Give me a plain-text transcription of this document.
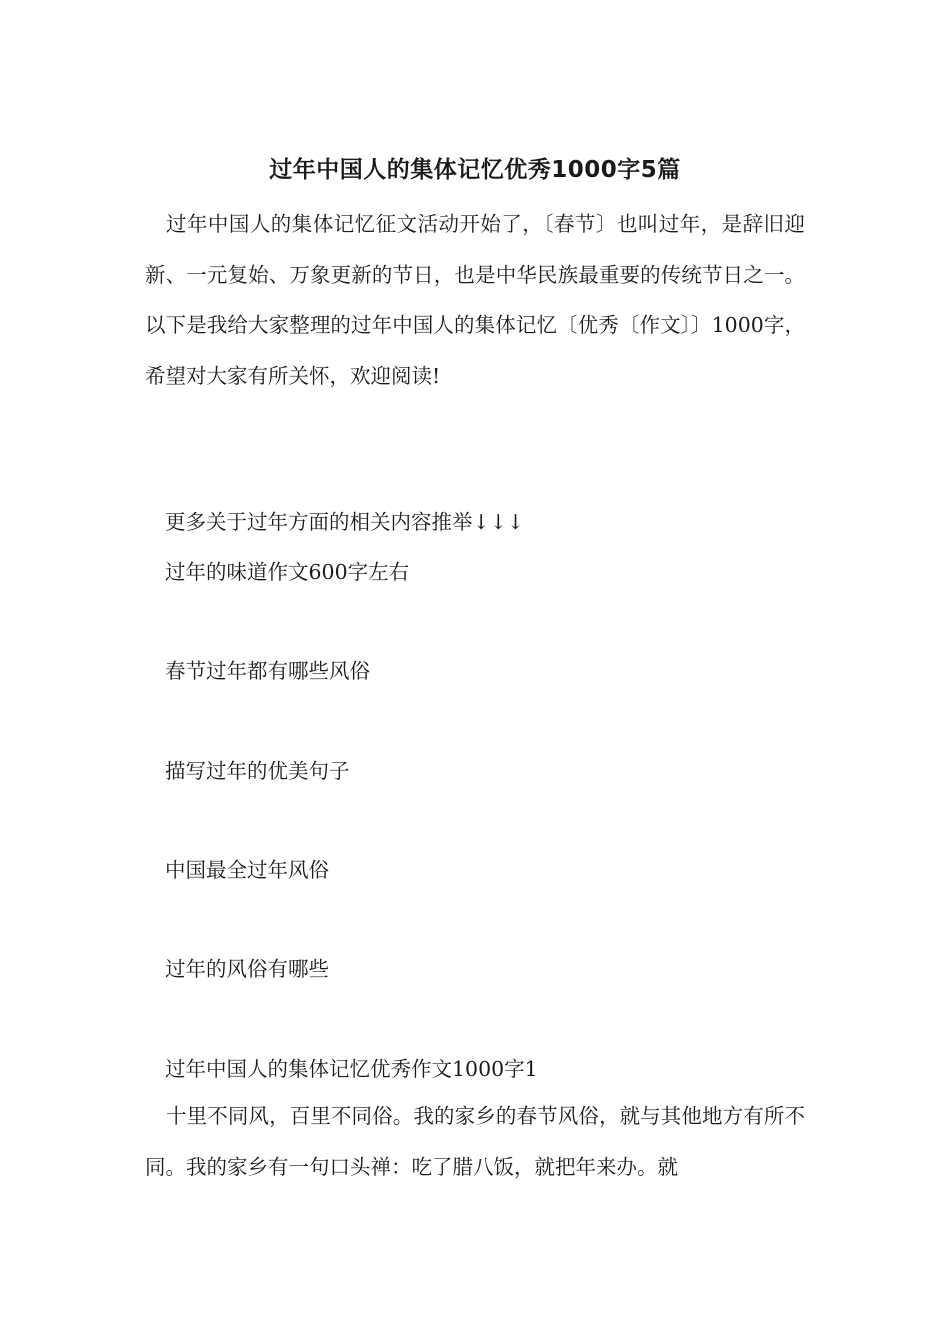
过年中国人的集体记忆优秀1000字5篇

过年中国人的集体记忆征文活动开始了，〔春节〕也叫过年，是辞旧迎新、一元复始、万象更新的节日，也是中华民族最重要的传统节日之一。以下是我给大家整理的过年中国人的集体记忆〔优秀〔作文〕〕1000字，希望对大家有所关怀，欢迎阅读!

更多关于过年方面的相关内容推举↓↓↓
过年的味道作文600字左右
春节过年都有哪些风俗
描写过年的优美句子
中国最全过年风俗
过年的风俗有哪些
过年中国人的集体记忆优秀作文1000字1

十里不同风，百里不同俗。我的家乡的春节风俗，就与其他地方有所不同。我的家乡有一句口头禅：吃了腊八饭，就把年来办。就
